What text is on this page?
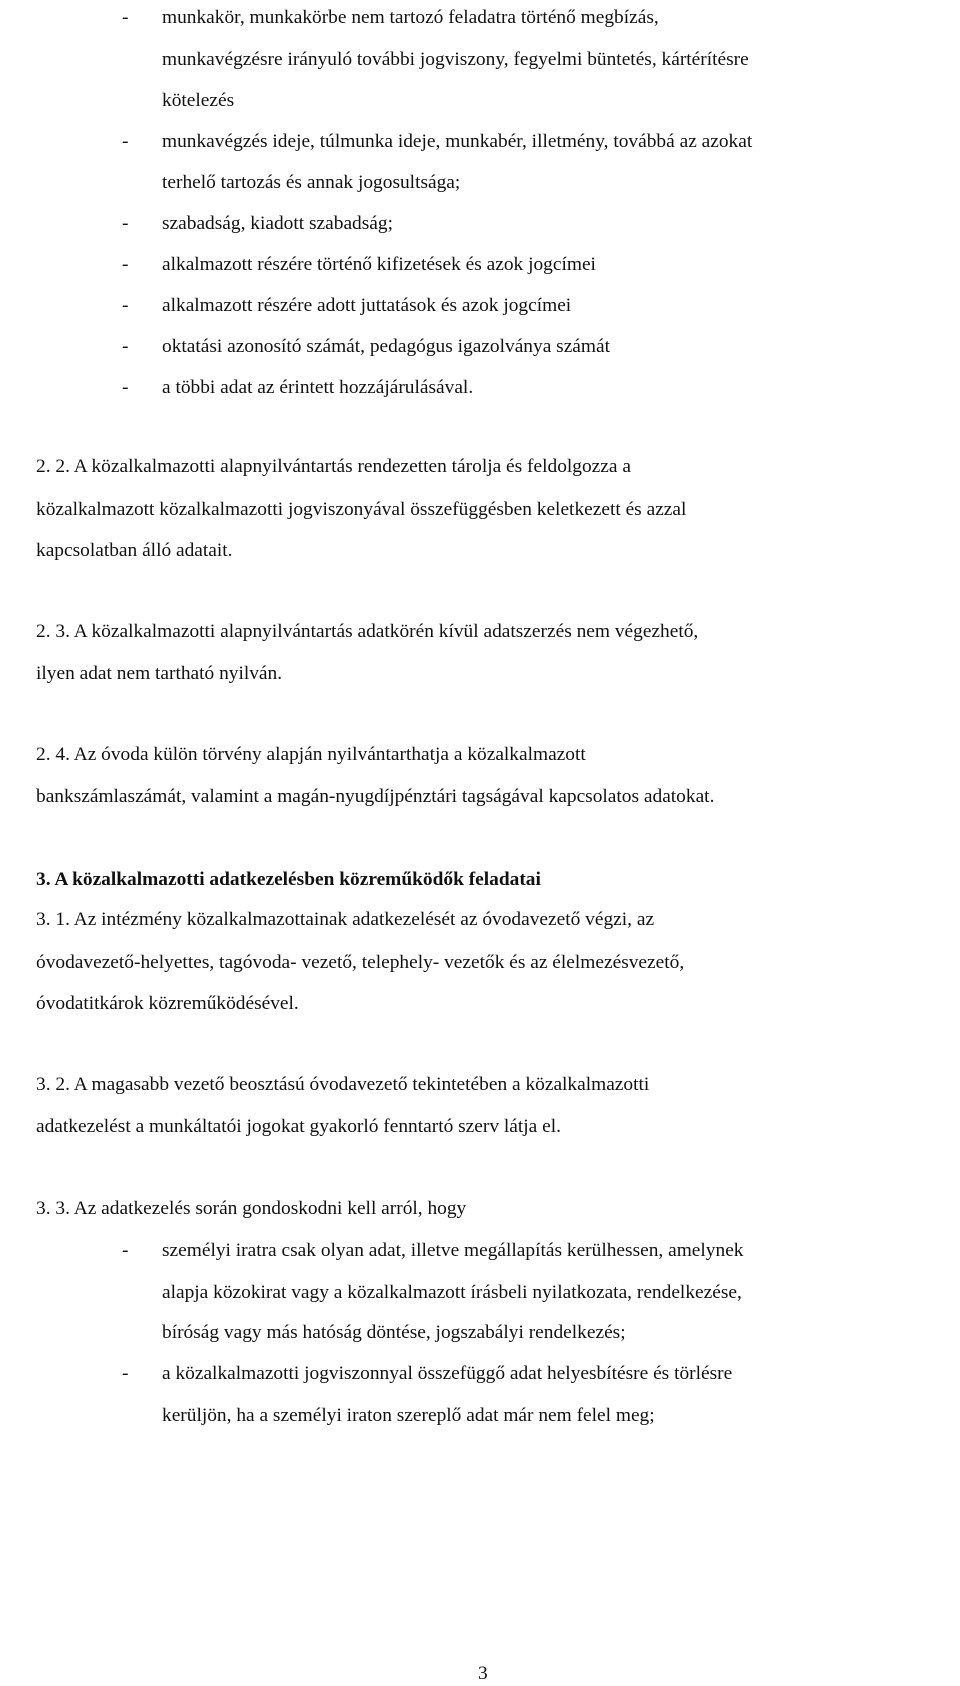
- munkakör, munkakörbe nem tartozó feladatra történő megbízás,
munkavégzésre irányuló további jogviszony, fegyelmi büntetés, kártérítésre
kötelezés
- munkavégzés ideje, túlmunka ideje, munkabér, illetmény, továbbá az azokat
terhelő tartozás és annak jogosultsága;
- szabadság, kiadott szabadság;
- alkalmazott részére történő kifizetések és azok jogcímei
- alkalmazott részére adott juttatások és azok jogcímei
- oktatási azonosító számát, pedagógus igazolványa számát
- a többi adat az érintett hozzájárulásával.
2. 2. A közalkalmazotti alapnyilvántartás rendezetten tárolja és feldolgozza a
közalkalmazott közalkalmazotti jogviszonyával összefüggésben keletkezett és azzal
kapcsolatban álló adatait.
2. 3. A közalkalmazotti alapnyilvántartás adatkörén kívül adatszerzés nem végezhető,
ilyen adat nem tartható nyilván.
2. 4. Az óvoda külön törvény alapján nyilvántarthatja a közalkalmazott
bankszámlaszámát, valamint a magán-nyugdíjpénztári tagságával kapcsolatos adatokat.
3. A közalkalmazotti adatkezelésben közreműködők feladatai
3. 1. Az intézmény közalkalmazottainak adatkezelését az óvodavezető végzi, az
óvodavezető-helyettes, tagóvoda- vezető, telephely- vezetők és az élelmezésvezető,
óvodatitkárok közreműködésével.
3. 2. A magasabb vezető beosztású óvodavezető tekintetében a közalkalmazotti
adatkezelést a munkáltatói jogokat gyakorló fenntartó szerv látja el.
3. 3. Az adatkezelés során gondoskodni kell arról, hogy
- személyi iratra csak olyan adat, illetve megállapítás kerülhessen, amelynek
alapja közokirat vagy a közalkalmazott írásbeli nyilatkozata, rendelkezése,
bíróság vagy más hatóság döntése, jogszabályi rendelkezés;
- a közalkalmazotti jogviszonnyal összefüggő adat helyesbítésre és törlésre
kerüljön, ha a személyi iraton szereplő adat már nem felel meg;
3
